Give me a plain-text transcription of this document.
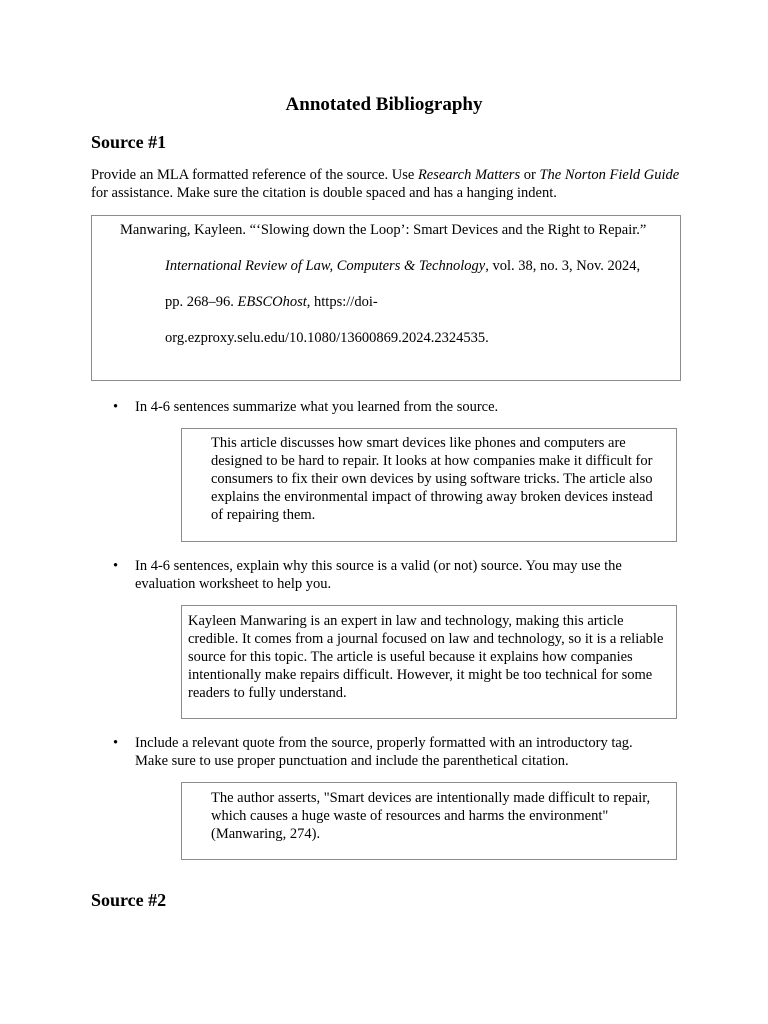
Annotated Bibliography
Source #1
Provide an MLA formatted reference of the source. Use Research Matters or The Norton Field Guide for assistance. Make sure the citation is double spaced and has a hanging indent.
Manwaring, Kayleen. “‘Slowing down the Loop’: Smart Devices and the Right to Repair.”
International Review of Law, Computers & Technology, vol. 38, no. 3, Nov. 2024,
pp. 268–96. EBSCOhost, https://doi-
org.ezproxy.selu.edu/10.1080/13600869.2024.2324535.
•	In 4-6 sentences summarize what you learned from the source.

This article discusses how smart devices like phones and computers are designed to be hard to repair. It looks at how companies make it difficult for consumers to fix their own devices by using software tricks. The article also explains the environmental impact of throwing away broken devices instead of repairing them.

•	In 4-6 sentences, explain why this source is a valid (or not) source. You may use the evaluation worksheet to help you.

Kayleen Manwaring is an expert in law and technology, making this article credible. It comes from a journal focused on law and technology, so it is a reliable source for this topic. The article is useful because it explains how companies intentionally make repairs difficult. However, it might be too technical for some readers to fully understand.

•	Include a relevant quote from the source, properly formatted with an introductory tag. Make sure to use proper punctuation and include the parenthetical citation.

The author asserts, "Smart devices are intentionally made difficult to repair, which causes a huge waste of resources and harms the environment" (Manwaring, 274).

Source #2
